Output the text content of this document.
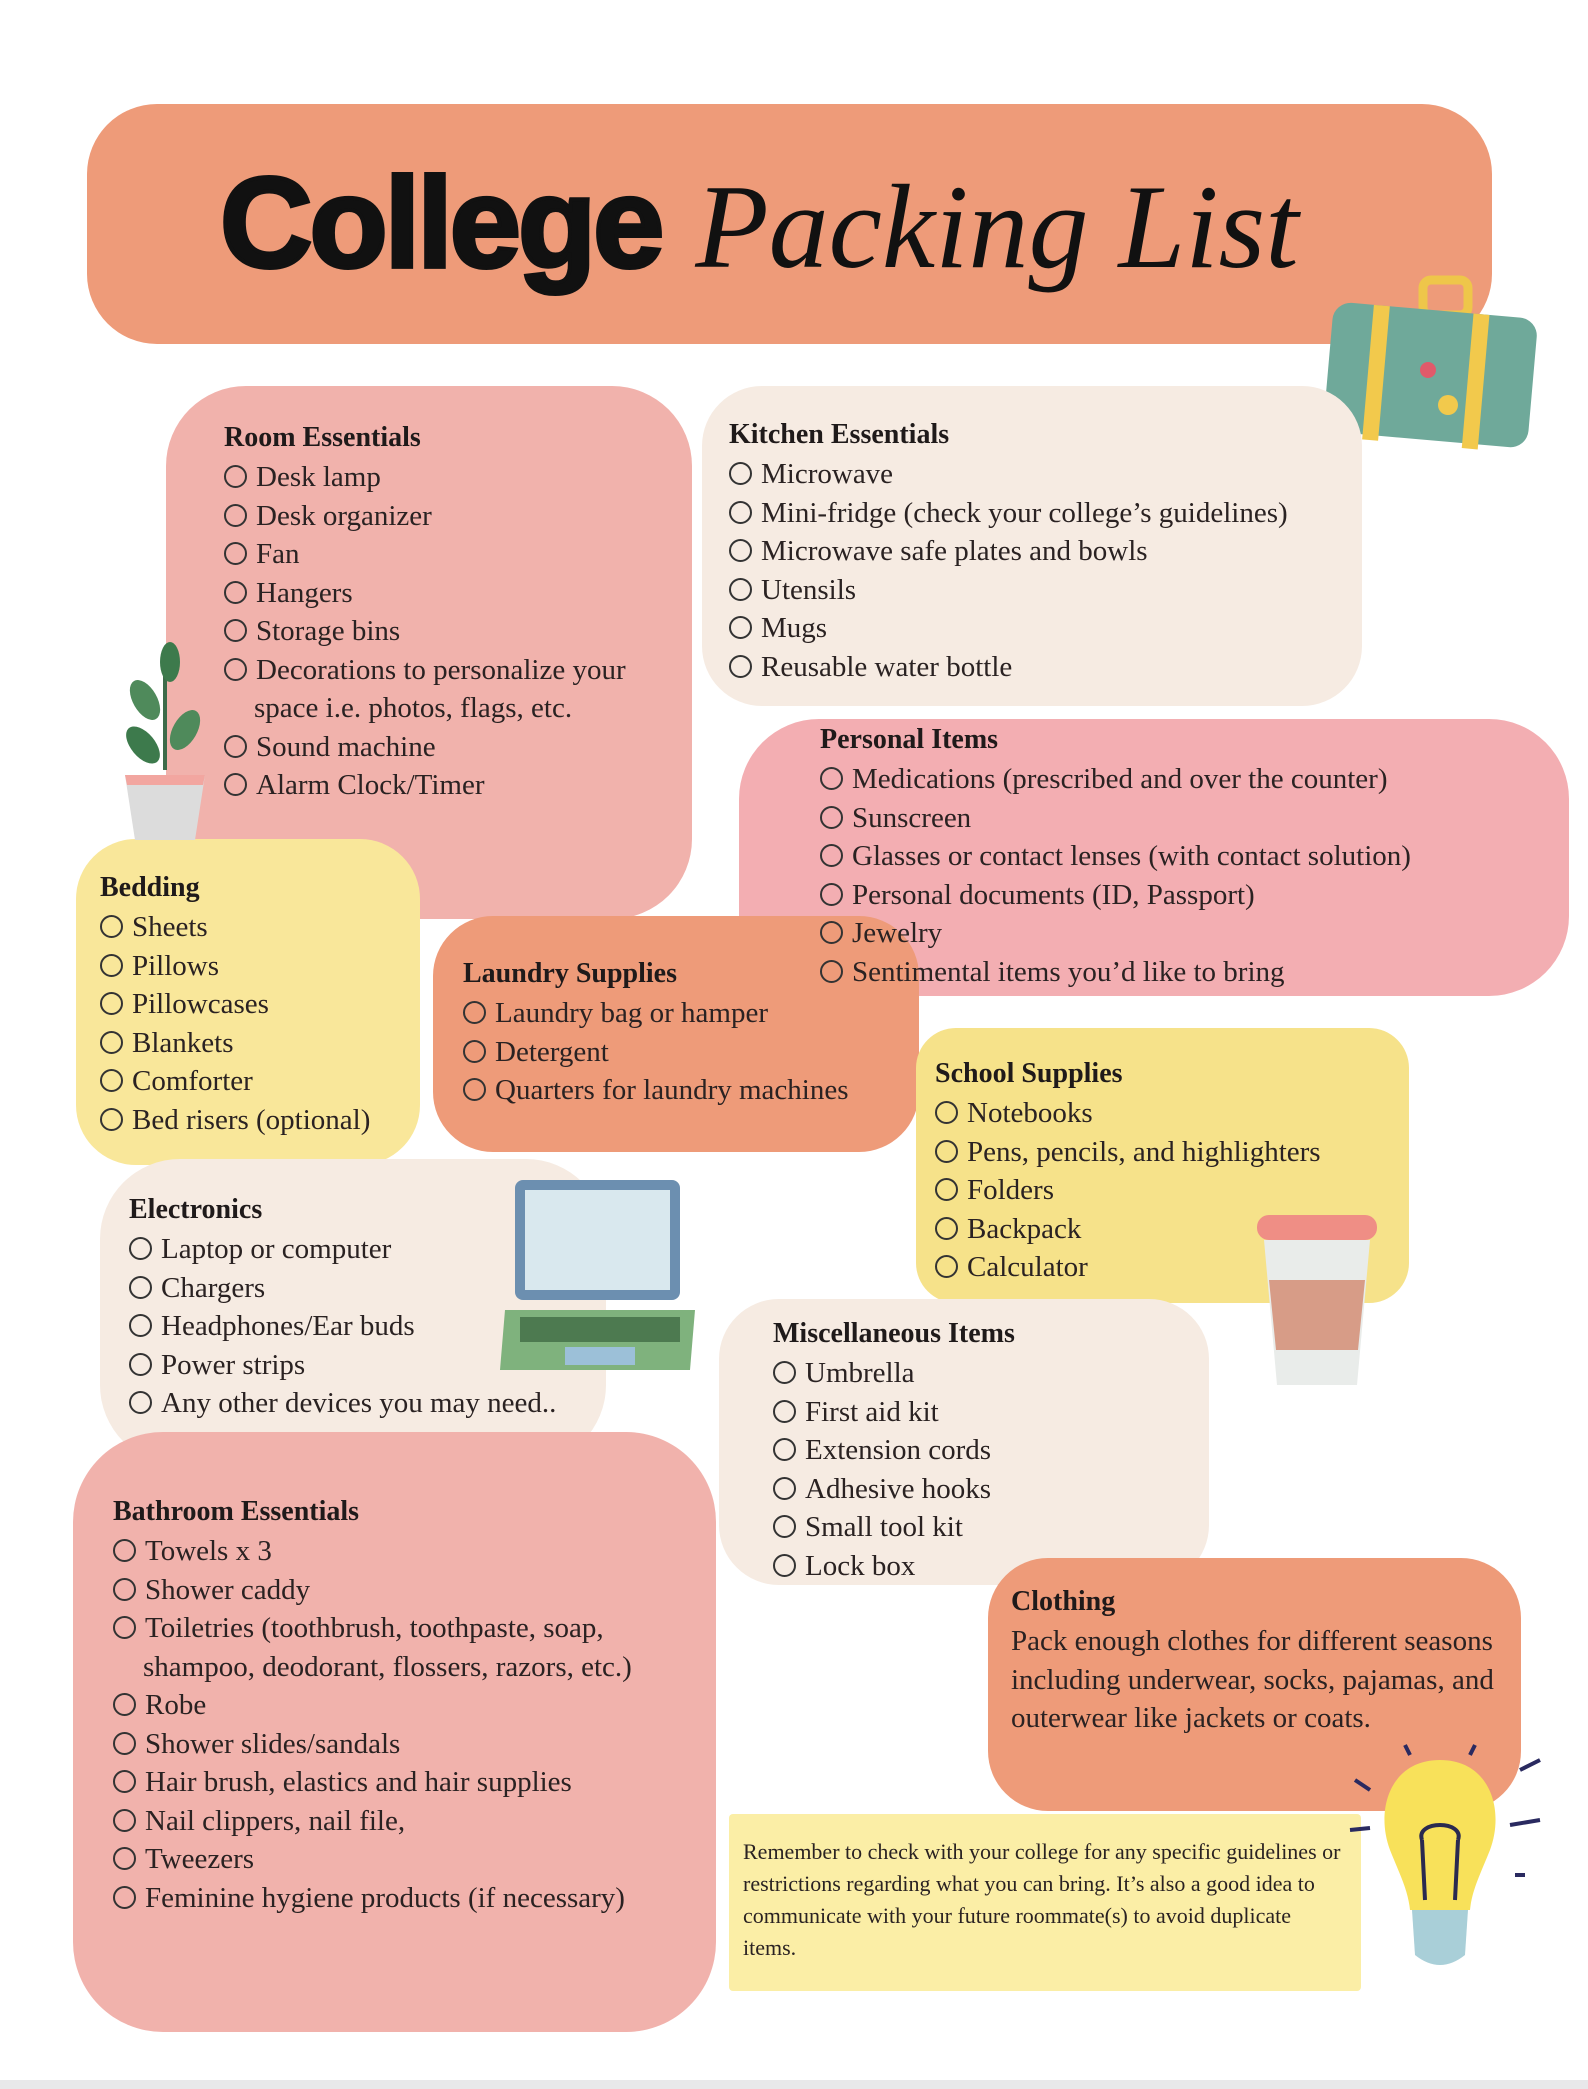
College Packing List
Room Essentials
Desk lamp
Desk organizer
Fan
Hangers
Storage bins
Decorations to personalize your space i.e. photos, flags, etc.
Sound machine
Alarm Clock/Timer
Kitchen Essentials
Microwave
Mini-fridge (check your college’s guidelines)
Microwave safe plates and bowls
Utensils
Mugs
Reusable water bottle
Personal Items
Medications (prescribed and over the counter)
Sunscreen
Glasses or contact lenses (with contact solution)
Personal documents (ID, Passport)
Jewelry
Sentimental items you’d like to bring
Bedding
Sheets
Pillows
Pillowcases
Blankets
Comforter
Bed risers (optional)
Laundry Supplies
Laundry bag or hamper
Detergent
Quarters for laundry machines
School Supplies
Notebooks
Pens, pencils, and highlighters
Folders
Backpack
Calculator
Electronics
Laptop or computer
Chargers
Headphones/Ear buds
Power strips
Any other devices you may need..
Miscellaneous Items
Umbrella
First aid kit
Extension cords
Adhesive hooks
Small tool kit
Lock box
Bathroom Essentials
Towels x 3
Shower caddy
Toiletries (toothbrush, toothpaste, soap, shampoo, deodorant, flossers, razors, etc.)
Robe
Shower slides/sandals
Hair brush, elastics and hair supplies
Nail clippers, nail file,
Tweezers
Feminine hygiene products (if necessary)
Clothing
Pack enough clothes for different seasons including underwear, socks, pajamas, and outerwear like jackets or coats.
Remember to check with your college for any specific guidelines or restrictions regarding what you can bring. It’s also a good idea to communicate with your future roommate(s) to avoid duplicate items.
